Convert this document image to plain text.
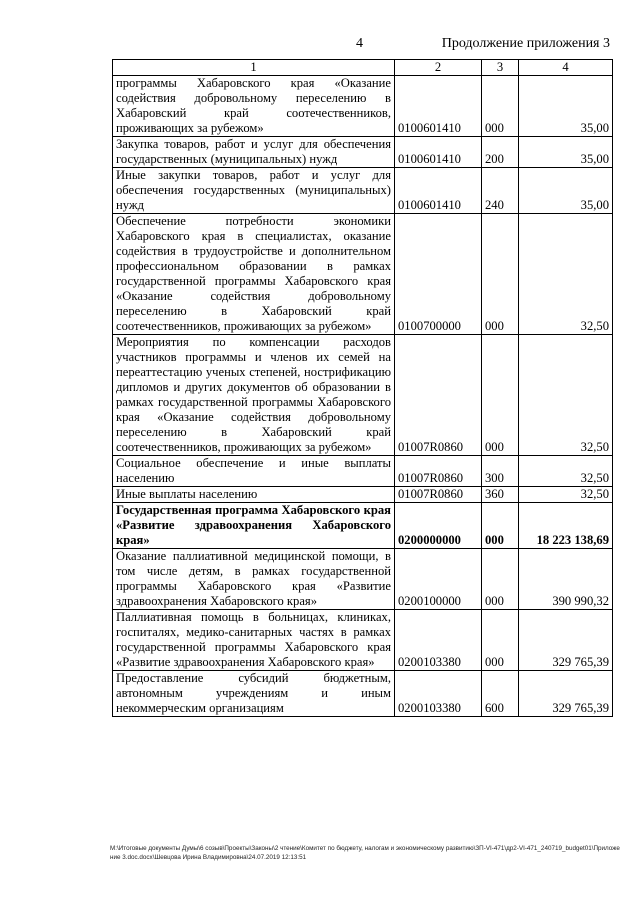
4	Продолжение приложения 3
1	2	3	4
программы Хабаровского края «Оказание содействия добровольному переселению в Хабаровский край соотечественников, проживающих за рубежом»	0100601410	000	35,00
Закупка товаров, работ и услуг для обеспечения государственных (муниципальных) нужд	0100601410	200	35,00
Иные закупки товаров, работ и услуг для обеспечения государственных (муниципальных) нужд	0100601410	240	35,00
Обеспечение потребности экономики Хабаровского края в специалистах, оказание содействия в трудоустройстве и дополнительном профессиональном образовании в рамках государственной программы Хабаровского края «Оказание содействия добровольному переселению в Хабаровский край соотечественников, проживающих за рубежом»	0100700000	000	32,50
Мероприятия по компенсации расходов участников программы и членов их семей на переаттестацию ученых степеней, нострификацию дипломов и других документов об образовании в рамках государственной программы Хабаровского края «Оказание содействия добровольному переселению в Хабаровский край соотечественников, проживающих за рубежом»	01007R0860	000	32,50
Социальное обеспечение и иные выплаты населению	01007R0860	300	32,50
Иные выплаты населению	01007R0860	360	32,50
Государственная программа Хабаровского края «Развитие здравоохранения Хабаровского края»	0200000000	000	18 223 138,69
Оказание паллиативной медицинской помощи, в том числе детям, в рамках государственной программы Хабаровского края «Развитие здравоохранения Хабаровского края»	0200100000	000	390 990,32
Паллиативная помощь в больницах, клиниках, госпиталях, медико-санитарных частях в рамках государственной программы Хабаровского края «Развитие здравоохранения Хабаровского края»	0200103380	000	329 765,39
Предоставление субсидий бюджетным, автономным учреждениям и иным некоммерческим организациям	0200103380	600	329 765,39
М:\Итоговые документы Думы\6 созыв\Проекты\Законы\2 чтение\Комитет по бюджету, налогам и экономическому развитию\ЗП-VI-471\др2-VI-471_240719_budget01\Приложение 3.doc.docx\Шевцова Ирина Владимировна\24.07.2019 12:13:51
